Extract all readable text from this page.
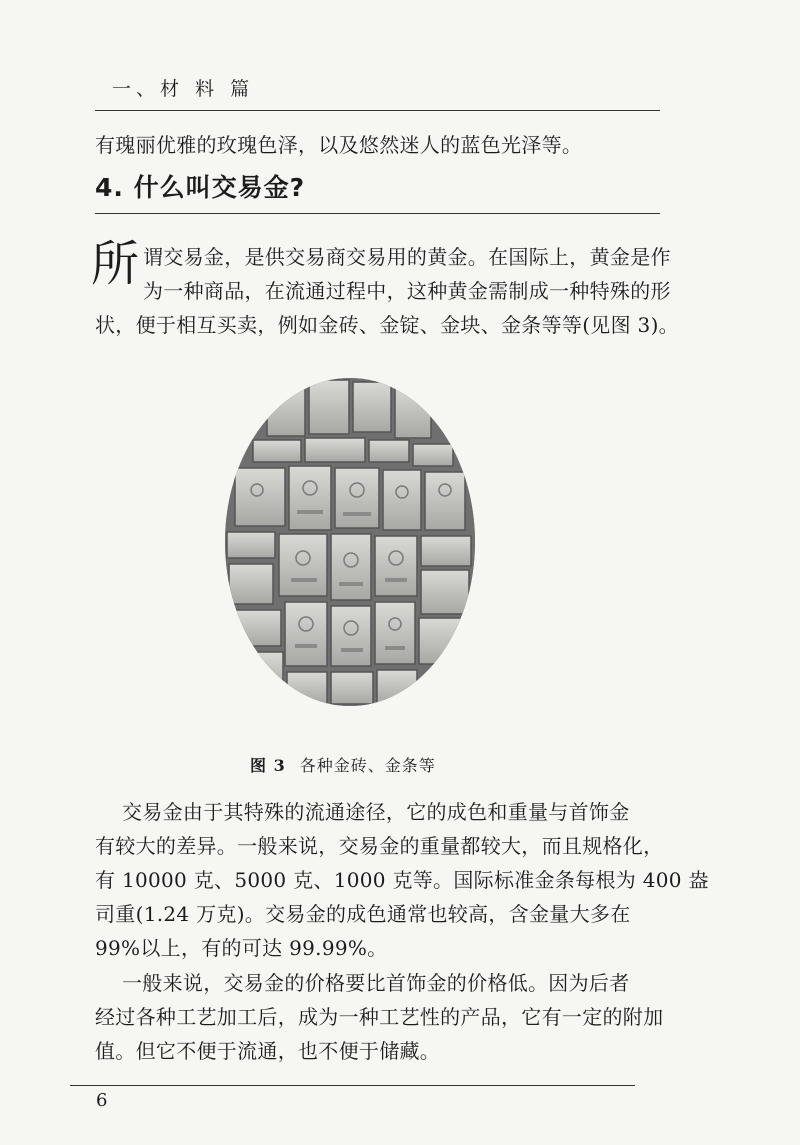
一、材 料 篇
有瑰丽优雅的玫瑰色泽，以及悠然迷人的蓝色光泽等。
4. 什么叫交易金?
所 谓交易金，是供交易商交易用的黄金。在国际上，黄金是作
为一种商品，在流通过程中，这种黄金需制成一种特殊的形
状，便于相互买卖，例如金砖、金锭、金块、金条等等(见图 3)。
图 3 各种金砖、金条等
交易金由于其特殊的流通途径，它的成色和重量与首饰金
有较大的差异。一般来说，交易金的重量都较大，而且规格化，
有 10000 克、5000 克、1000 克等。国际标准金条每根为 400 盎
司重(1.24 万克)。交易金的成色通常也较高，含金量大多在
99%以上，有的可达 99.99%。
一般来说，交易金的价格要比首饰金的价格低。因为后者
经过各种工艺加工后，成为一种工艺性的产品，它有一定的附加
值。但它不便于流通，也不便于储藏。
6
